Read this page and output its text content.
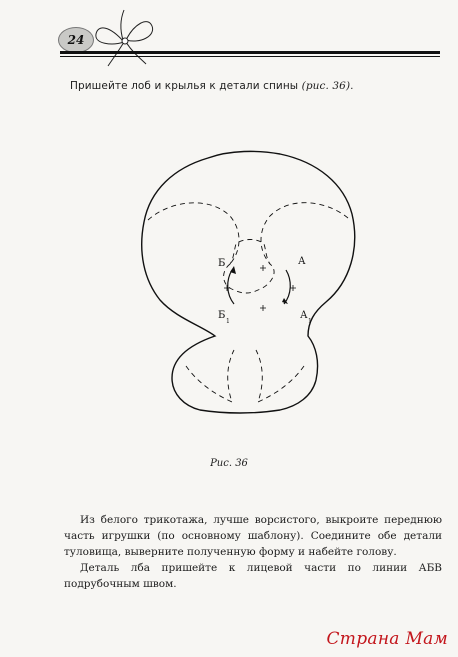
24
Пришейте лоб и крылья к детали спины (рис. 36).
Б	А
Б
1
А
1
Рис. 36

Из белого трикотажа, лучше ворсистого, выкроите переднюю часть игрушки (по основному шаблону). Соедините обе детали туловища, выверните полученную форму и набейте голову.

Деталь лба пришейте к лицевой части по линии АБВ подрубочным швом.

Страна Мам
